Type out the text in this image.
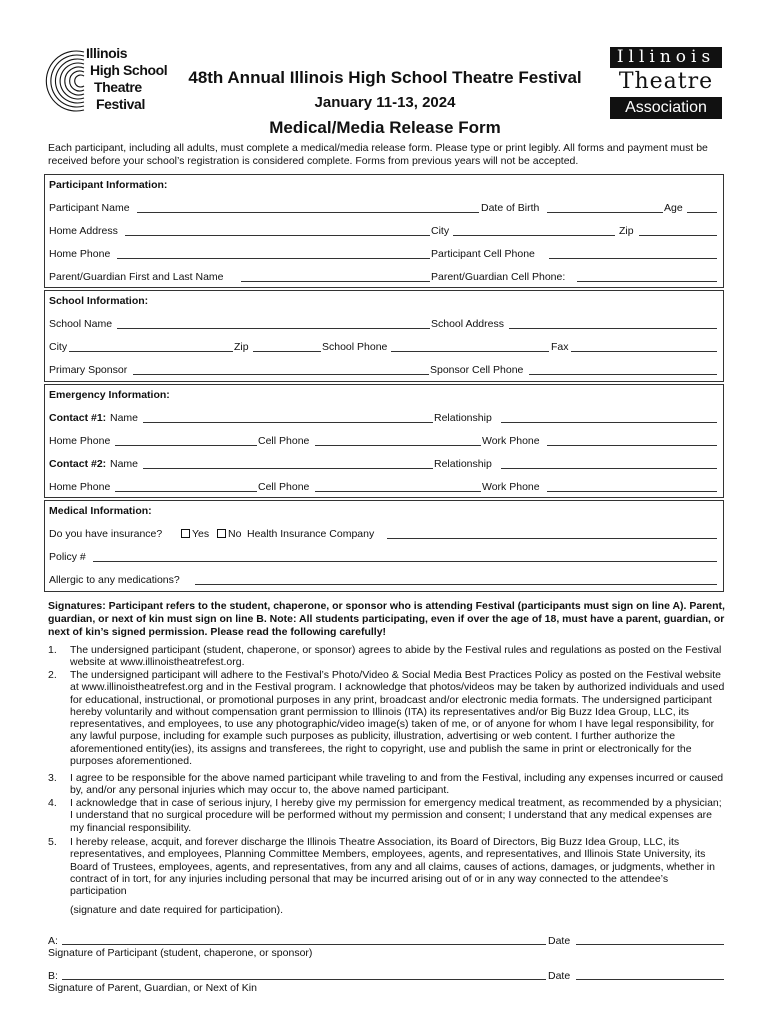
Illinois
High School
Theatre
Festival
48th Annual Illinois High School Theatre Festival
January 11-13, 2024
Medical/Media Release Form
Illinois
Theatre
Association
Each participant, including all adults, must complete a medical/media release form. Please type or print legibly. All forms and payment must be received before your school’s registration is considered complete. Forms from previous years will not be accepted.
Participant Information:
Participant Name	Date of Birth	Age
Home Address	City	Zip
Home Phone	Participant Cell Phone
Parent/Guardian First and Last Name	Parent/Guardian Cell Phone:
School Information:
School Name	School Address
City	Zip	School Phone	Fax
Primary Sponsor	Sponsor Cell Phone
Emergency Information:
Contact #1: Name	Relationship
Home Phone	Cell Phone	Work Phone
Contact #2: Name	Relationship
Home Phone	Cell Phone	Work Phone
Medical Information:
Do you have insurance?	Yes	No Health Insurance Company
Policy #
Allergic to any medications?
Signatures: Participant refers to the student, chaperone, or sponsor who is attending Festival (participants must sign on line A). Parent, guardian, or next of kin must sign on line B. Note: All students participating, even if over the age of 18, must have a parent, guardian, or next of kin’s signed permission. Please read the following carefully!
1. The undersigned participant (student, chaperone, or sponsor) agrees to abide by the Festival rules and regulations as posted on the Festival website at www.illinoistheatrefest.org.
2. The undersigned participant will adhere to the Festival’s Photo/Video & Social Media Best Practices Policy as posted on the Festival website at www.illinoistheatrefest.org and in the Festival program. I acknowledge that photos/videos may be taken by authorized individuals and used for educational, instructional, or promotional purposes in any print, broadcast and/or electronic media formats. The undersigned participant hereby voluntarily and without compensation grant permission to Illinois (ITA) its representatives and/or Big Buzz Idea Group, LLC, its representatives, and employees, to use any photographic/video image(s) taken of me, or of anyone for whom I have legal responsibility, for any lawful purpose, including for example such purposes as publicity, illustration, advertising or web content. I further authorize the aforementioned entity(ies), its assigns and transferees, the right to copyright, use and publish the same in print or electronically for the purposes aforementioned.
3. I agree to be responsible for the above named participant while traveling to and from the Festival, including any expenses incurred or caused by, and/or any personal injuries which may occur to, the above named participant.
4. I acknowledge that in case of serious injury, I hereby give my permission for emergency medical treatment, as recommended by a physician; I understand that no surgical procedure will be performed without my permission and consent; I understand that any medical expenses are my financial responsibility.
5. I hereby release, acquit, and forever discharge the Illinois Theatre Association, its Board of Directors, Big Buzz Idea Group, LLC, its representatives, and employees, Planning Committee Members, employees, agents, and representatives, and Illinois State University, its Board of Trustees, employees, agents, and representatives, from any and all claims, causes of actions, damages, or judgments, whether in contract of in tort, for any injuries including personal that may be incurred arising out of or in any way connected to the attendee’s participation
(signature and date required for participation).
A:	Date
Signature of Participant (student, chaperone, or sponsor)
B:	Date
Signature of Parent, Guardian, or Next of Kin
